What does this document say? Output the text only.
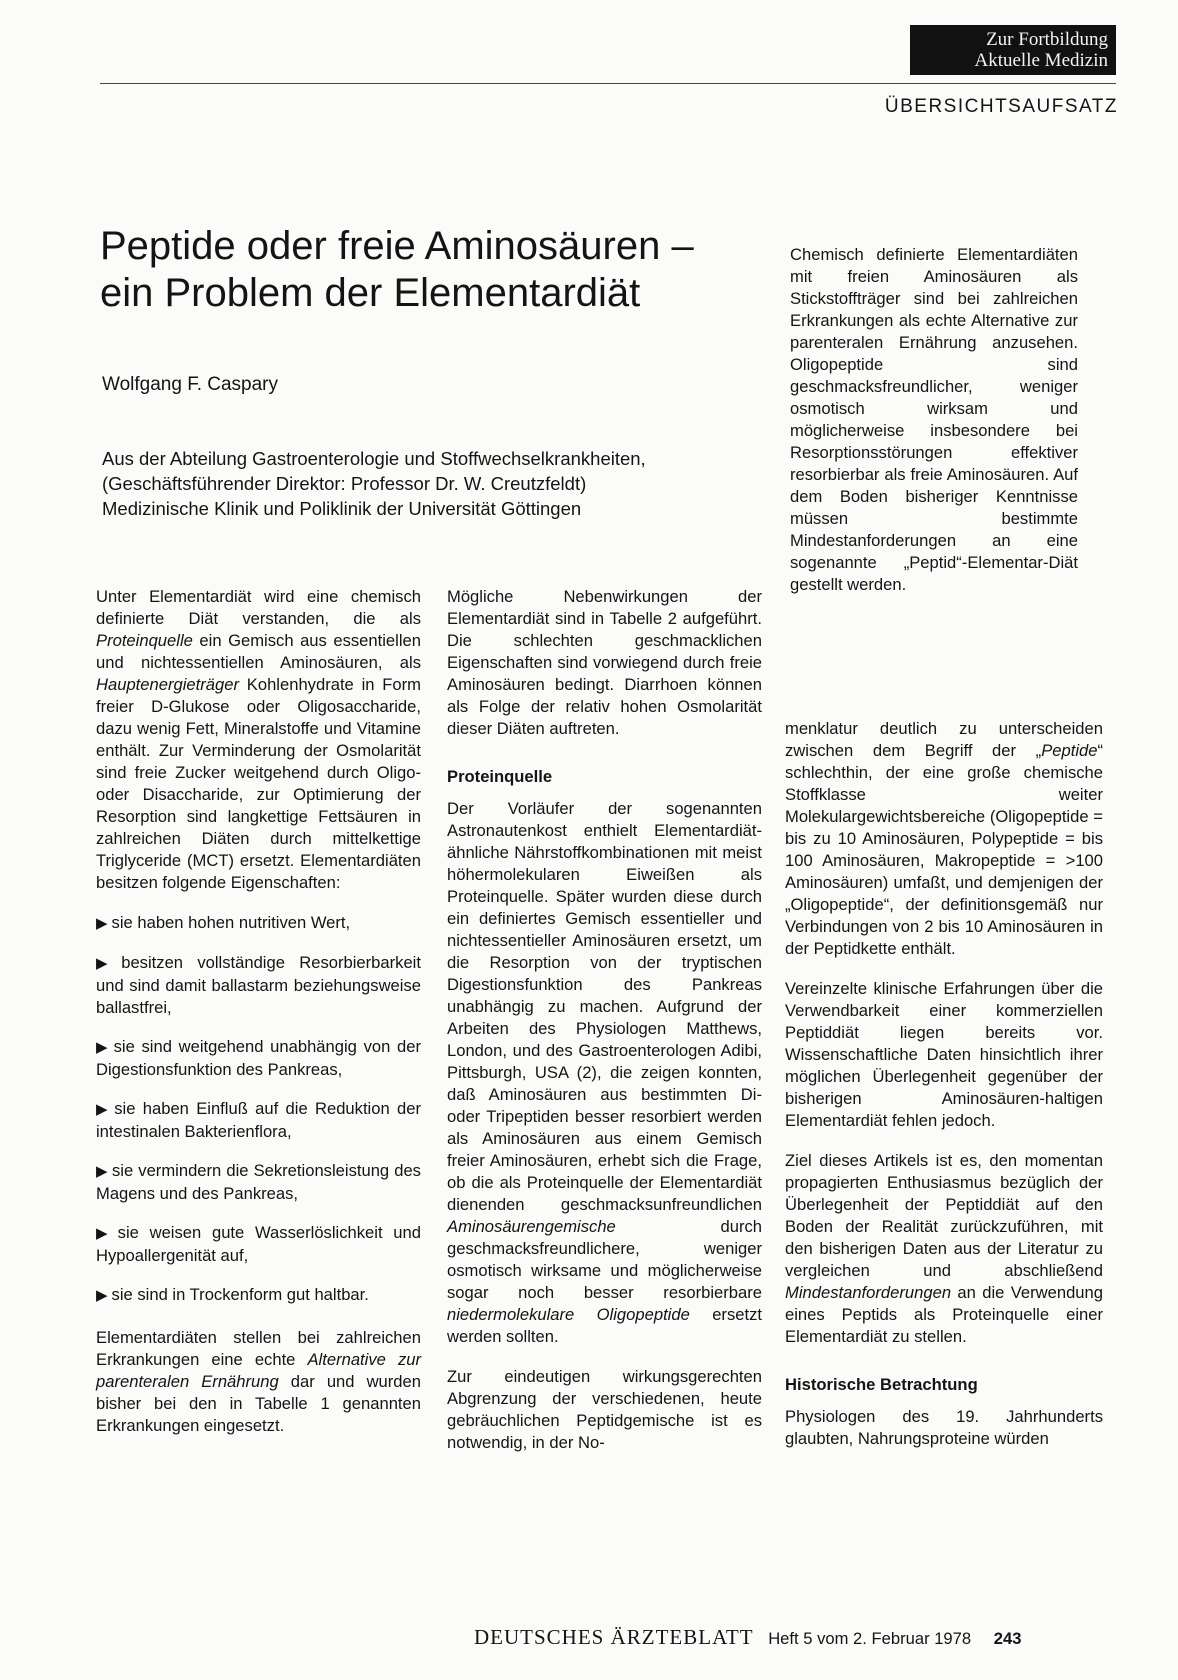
Zur Fortbildung
Aktuelle Medizin
ÜBERSICHTSAUFSATZ
Peptide oder freie Aminosäuren –
ein Problem der Elementardiät
Wolfgang F. Caspary
Aus der Abteilung Gastroenterologie und Stoffwechselkrankheiten,
(Geschäftsführender Direktor: Professor Dr. W. Creutzfeldt)
Medizinische Klinik und Poliklinik der Universität Göttingen

Chemisch definierte Elementardiäten mit freien Aminosäuren als Stickstoffträger sind bei zahlreichen Erkrankungen als echte Alternative zur parenteralen Ernährung anzusehen. Oligopeptide sind geschmacksfreundlicher, weniger osmotisch wirksam und möglicherweise insbesondere bei Resorptionsstörungen effektiver resorbierbar als freie Aminosäuren. Auf dem Boden bisheriger Kenntnisse müssen bestimmte Mindestanforderungen an eine sogenannte „Peptid“-Elementar-Diät gestellt werden.

Unter Elementardiät wird eine chemisch definierte Diät verstanden, die als Proteinquelle ein Gemisch aus essentiellen und nichtessentiellen Aminosäuren, als Hauptenergieträger Kohlenhydrate in Form freier D-Glukose oder Oligosaccharide, dazu wenig Fett, Mineralstoffe und Vitamine enthält. Zur Verminderung der Osmolarität sind freie Zucker weitgehend durch Oligo- oder Disaccharide, zur Optimierung der Resorption sind langkettige Fettsäuren in zahlreichen Diäten durch mittelkettige Triglyceride (MCT) ersetzt. Elementardiäten besitzen folgende Eigenschaften:

▶ sie haben hohen nutritiven Wert,
▶ besitzen vollständige Resorbierbarkeit und sind damit ballastarm beziehungsweise ballastfrei,
▶ sie sind weitgehend unabhängig von der Digestionsfunktion des Pankreas,
▶ sie haben Einfluß auf die Reduktion der intestinalen Bakterienflora,
▶ sie vermindern die Sekretionsleistung des Magens und des Pankreas,
▶ sie weisen gute Wasserlöslichkeit und Hypoallergenität auf,
▶ sie sind in Trockenform gut haltbar.

Elementardiäten stellen bei zahlreichen Erkrankungen eine echte Alternative zur parenteralen Ernährung dar und wurden bisher bei den in Tabelle 1 genannten Erkrankungen eingesetzt.

Mögliche Nebenwirkungen der Elementardiät sind in Tabelle 2 aufgeführt. Die schlechten geschmacklichen Eigenschaften sind vorwiegend durch freie Aminosäuren bedingt. Diarrhoen können als Folge der relativ hohen Osmolarität dieser Diäten auftreten.

Proteinquelle

Der Vorläufer der sogenannten Astronautenkost enthielt Elementardiät-ähnliche Nährstoffkombinationen mit meist höhermolekularen Eiweißen als Proteinquelle. Später wurden diese durch ein definiertes Gemisch essentieller und nichtessentieller Aminosäuren ersetzt, um die Resorption von der tryptischen Digestionsfunktion des Pankreas unabhängig zu machen. Aufgrund der Arbeiten des Physiologen Matthews, London, und des Gastroenterologen Adibi, Pittsburgh, USA (2), die zeigen konnten, daß Aminosäuren aus bestimmten Di- oder Tripeptiden besser resorbiert werden als Aminosäuren aus einem Gemisch freier Aminosäuren, erhebt sich die Frage, ob die als Proteinquelle der Elementardiät dienenden geschmacksunfreundlichen Aminosäurengemische durch geschmacksfreundlichere, weniger osmotisch wirksame und möglicherweise sogar noch besser resorbierbare niedermolekulare Oligopeptide ersetzt werden sollten.

Zur eindeutigen wirkungsgerechten Abgrenzung der verschiedenen, heute gebräuchlichen Peptidgemische ist es notwendig, in der No-

menklatur deutlich zu unterscheiden zwischen dem Begriff der „Peptide“ schlechthin, der eine große chemische Stoffklasse weiter Molekulargewichtsbereiche (Oligopeptide = bis zu 10 Aminosäuren, Polypeptide = bis 100 Aminosäuren, Makropeptide = >100 Aminosäuren) umfaßt, und demjenigen der „Oligopeptide“, der definitionsgemäß nur Verbindungen von 2 bis 10 Aminosäuren in der Peptidkette enthält.

Vereinzelte klinische Erfahrungen über die Verwendbarkeit einer kommerziellen Peptiddiät liegen bereits vor. Wissenschaftliche Daten hinsichtlich ihrer möglichen Überlegenheit gegenüber der bisherigen Aminosäuren-haltigen Elementardiät fehlen jedoch.

Ziel dieses Artikels ist es, den momentan propagierten Enthusiasmus bezüglich der Überlegenheit der Peptiddiät auf den Boden der Realität zurückzuführen, mit den bisherigen Daten aus der Literatur zu vergleichen und abschließend Mindestanforderungen an die Verwendung eines Peptids als Proteinquelle einer Elementardiät zu stellen.

Historische Betrachtung

Physiologen des 19. Jahrhunderts glaubten, Nahrungsproteine würden

DEUTSCHES ÄRZTEBLATT Heft 5 vom 2. Februar 1978 243
